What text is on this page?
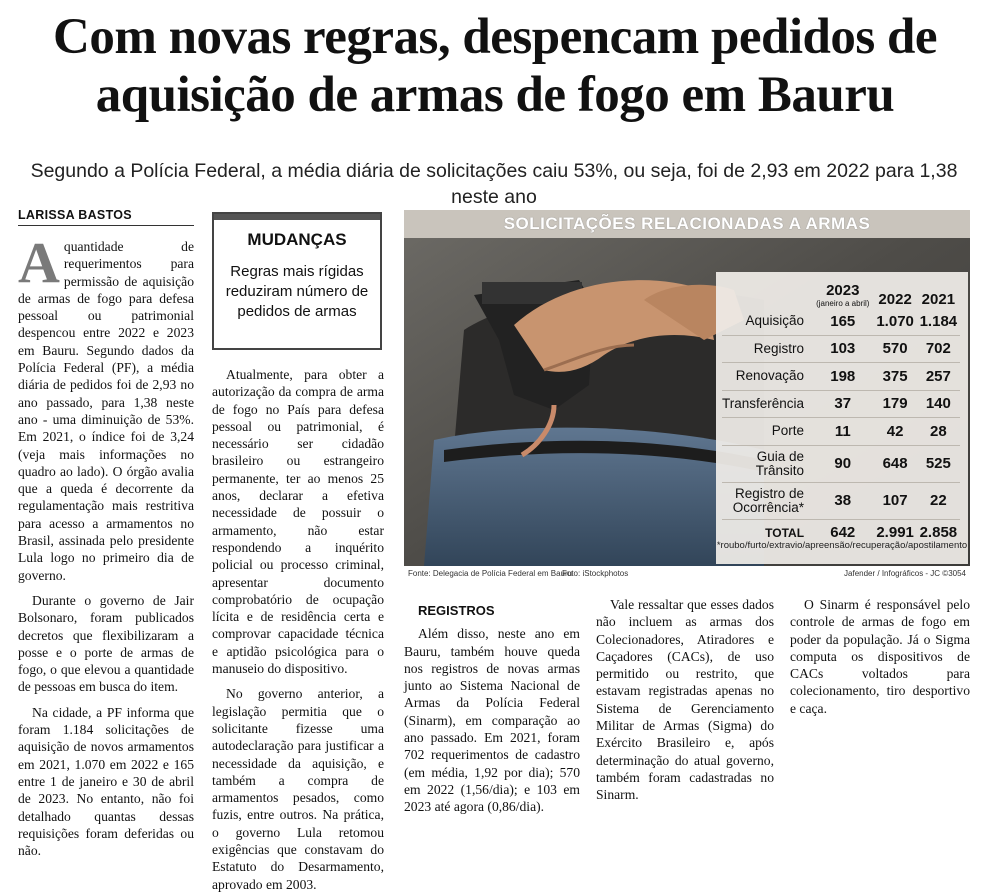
Com novas regras, despencam pedidos de aquisição de armas de fogo em Bauru

Segundo a Polícia Federal, a média diária de solicitações caiu 53%, ou seja, foi de 2,93 em 2022 para 1,38 neste ano

LARISSA BASTOS

Aquantidade de requerimentos para permissão de aquisição de armas de fogo para defesa pessoal ou patrimonial despencou entre 2022 e 2023 em Bauru. Segundo dados da Polícia Federal (PF), a média diária de pedidos foi de 2,93 no ano passado, para 1,38 neste ano - uma diminuição de 53%. Em 2021, o índice foi de 3,24 (veja mais informações no quadro ao lado). O órgão avalia que a queda é decorrente da regulamentação mais restritiva para acesso a armamentos no Brasil, assinada pelo presidente Lula logo no primeiro dia de governo.

Durante o governo de Jair Bolsonaro, foram publicados decretos que flexibilizaram a posse e o porte de armas de fogo, o que elevou a quantidade de pessoas em busca do item.

Na cidade, a PF informa que foram 1.184 solicitações de aquisição de novos armamentos em 2021, 1.070 em 2022 e 165 entre 1 de janeiro e 30 de abril de 2023. No entanto, não foi detalhado quantas dessas requisições foram deferidas ou não.

MUDANÇAS
Regras mais rígidas reduziram número de pedidos de armas

Atualmente, para obter a autorização da compra de arma de fogo no País para defesa pessoal ou patrimonial, é necessário ser cidadão brasileiro ou estrangeiro permanente, ter ao menos 25 anos, declarar a efetiva necessidade de possuir o armamento, não estar respondendo a inquérito policial ou processo criminal, apresentar documento comprobatório de ocupação lícita e de residência certa e comprovar capacidade técnica e aptidão psicológica para o manuseio do dispositivo.

No governo anterior, a legislação permitia que o solicitante fizesse uma autodeclaração para justificar a necessidade da aquisição, e também a compra de armamentos pesados, como fuzis, entre outros. Na prática, o governo Lula retomou exigências que constavam do Estatuto do Desarmamento, aprovado em 2003.

REGISTROS

Além disso, neste ano em Bauru, também houve queda nos registros de novas armas junto ao Sistema Nacional de Armas da Polícia Federal (Sinarm), em comparação ao ano passado. Em 2021, foram 702 requerimentos de cadastro (em média, 1,92 por dia); 570 em 2022 (1,56/dia); e 103 em 2023 até agora (0,86/dia).

Vale ressaltar que esses dados não incluem as armas dos Colecionadores, Atiradores e Caçadores (CACs), de uso permitido ou restrito, que estavam registradas apenas no Sistema de Gerenciamento Militar de Armas (Sigma) do Exército Brasileiro e, após determinação do atual governo, também foram cadastradas no Sinarm.

O Sinarm é responsável pelo controle de armas de fogo em poder da população. Já o Sigma computa os dispositivos de CACs voltados para colecionamento, tiro desportivo e caça.

SOLICITAÇÕES RELACIONADAS A ARMAS
	2023
(janeiro a abril)	2022	2021
Aquisição	165	1.070	1.184
Registro	103	570	702
Renovação	198	375	257
Transferência	37	179	140
Porte	11	42	28
Guia de Trânsito	90	648	525
Registro de Ocorrência*	38	107	22
TOTAL	642	2.991	2.858
*roubo/furto/extravio/apreensão/recuperação/apostilamento
Fonte: Delegacia de Polícia Federal em Bauru
Foto: iStockphotos	Jafender / Infográficos - JC ©3054
